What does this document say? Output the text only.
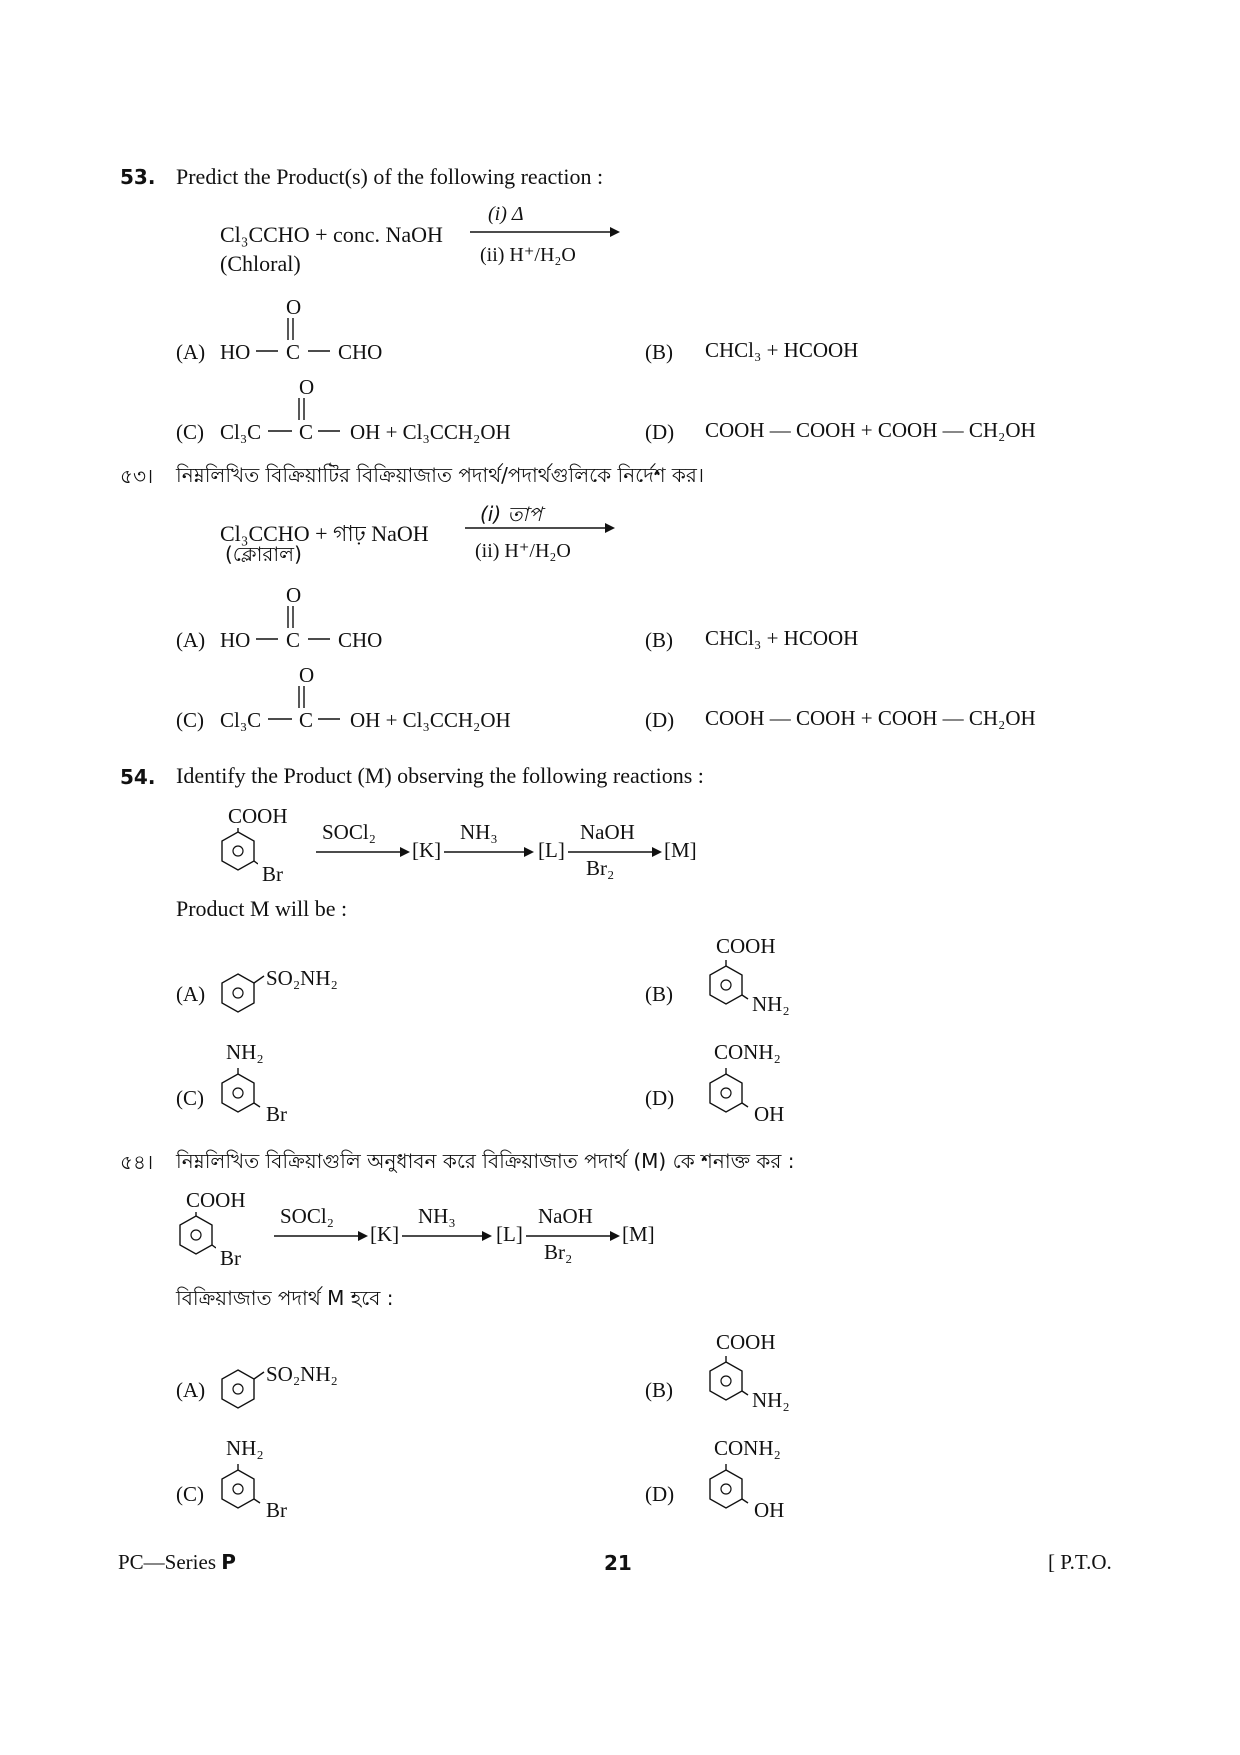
53. Predict the Product(s) of the following reaction :
Cl₃CCHO + conc. NaOH
(Chloral)
(i) Δ
(ii) H⁺/H₂O
(A) HO
O
C CHO	(B) CHCl₃ + HCOOH
(C) Cl₃C
O
C OH + Cl₃CCH₂OH	(D) COOH — COOH + COOH — CH₂OH
৫৩। নিম্নলিখিত বিক্রিয়াটির বিক্রিয়াজাত পদার্থ/পদার্থগুলিকে নির্দেশ কর।
Cl₃CCHO + গাঢ় NaOH
(ক্লোরাল)
(i) তাপ
(ii) H⁺/H₂O
(A) HO
O
C CHO	(B) CHCl₃ + HCOOH
(C) Cl₃C
O
C OH + Cl₃CCH₂OH	(D) COOH — COOH + COOH — CH₂OH
54. Identify the Product (M) observing the following reactions :
COOH
Br
SOCl₂
[K]
NH₃
[L]
NaOH
Br₂
[M]
Product M will be :
(A)
SO₂NH₂
(B)
COOH
NH₂
(C)
NH₂
Br
(D)
CONH₂
OH
৫৪। নিম্নলিখিত বিক্রিয়াগুলি অনুধাবন করে বিক্রিয়াজাত পদার্থ (M) কে শনাক্ত কর :
COOH
Br
SOCl₂
[K]
NH₃
[L]
NaOH
Br₂
[M]
বিক্রিয়াজাত পদার্থ M হবে :
(A)
SO₂NH₂
(B)
COOH
NH₂
(C)
NH₂
Br
(D)
CONH₂
OH
PC—Series P	21	[ P.T.O.
